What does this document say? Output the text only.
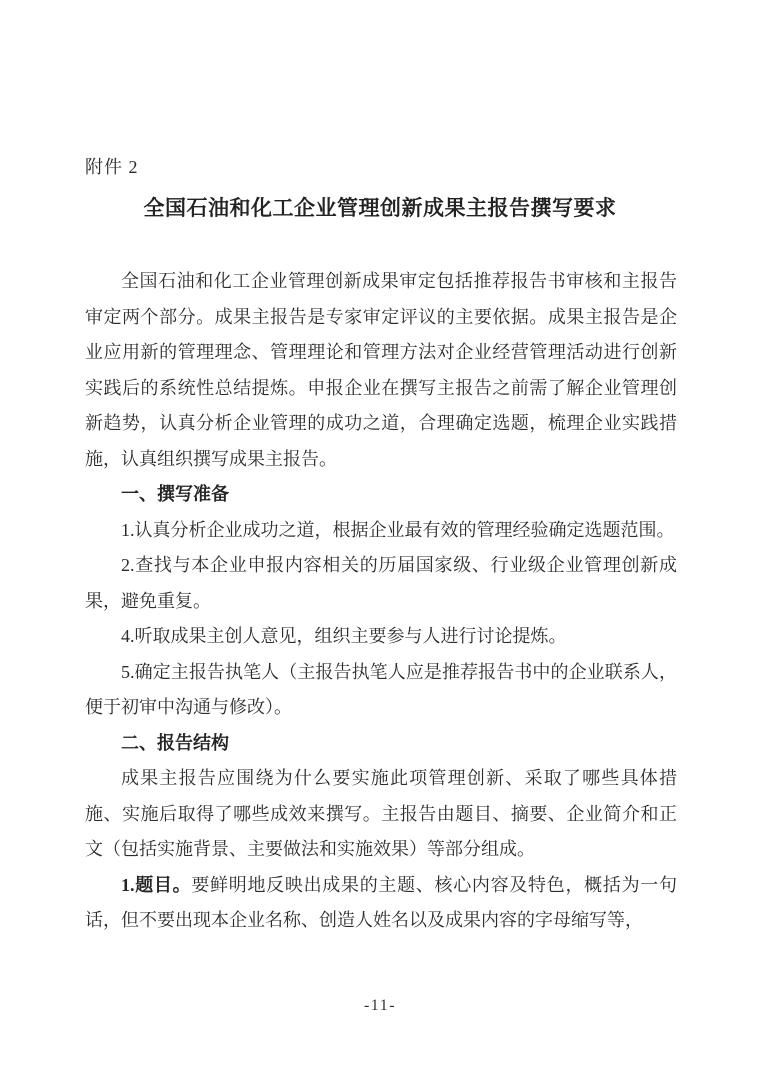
附件 2
全国石油和化工企业管理创新成果主报告撰写要求

全国石油和化工企业管理创新成果审定包括推荐报告书审核和主报告审定两个部分。成果主报告是专家审定评议的主要依据。成果主报告是企业应用新的管理理念、管理理论和管理方法对企业经营管理活动进行创新实践后的系统性总结提炼。申报企业在撰写主报告之前需了解企业管理创新趋势，认真分析企业管理的成功之道，合理确定选题，梳理企业实践措施，认真组织撰写成果主报告。

一、撰写准备

1.认真分析企业成功之道，根据企业最有效的管理经验确定选题范围。

2.查找与本企业申报内容相关的历届国家级、行业级企业管理创新成果，避免重复。

4.听取成果主创人意见，组织主要参与人进行讨论提炼。

5.确定主报告执笔人（主报告执笔人应是推荐报告书中的企业联系人，便于初审中沟通与修改）。

二、报告结构

成果主报告应围绕为什么要实施此项管理创新、采取了哪些具体措施、实施后取得了哪些成效来撰写。主报告由题目、摘要、企业简介和正文（包括实施背景、主要做法和实施效果）等部分组成。

1.题目。要鲜明地反映出成果的主题、核心内容及特色，概括为一句话，但不要出现本企业名称、创造人姓名以及成果内容的字母缩写等，

-11-
